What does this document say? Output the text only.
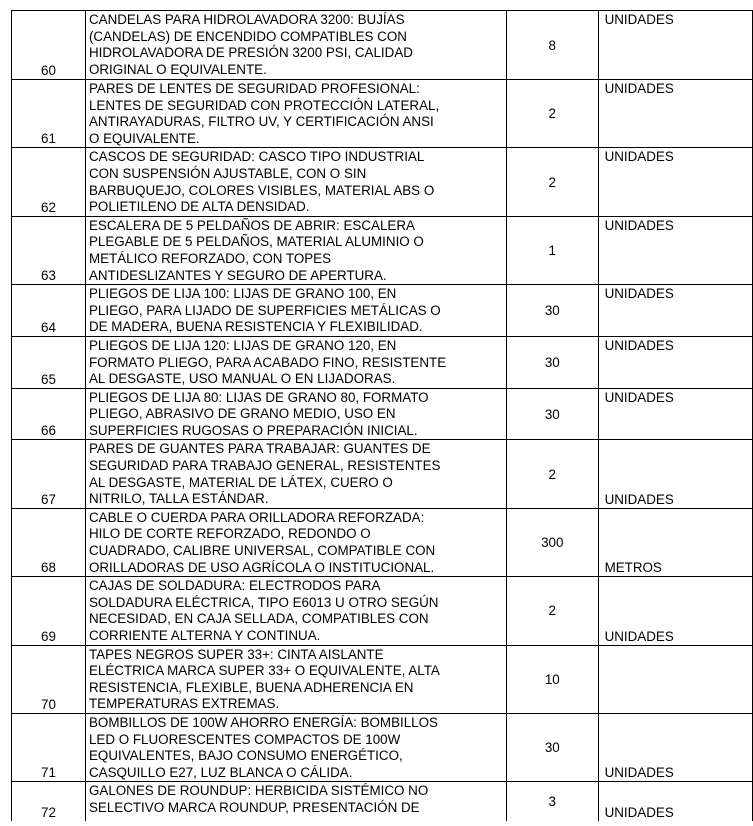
60	CANDELAS PARA HIDROLAVADORA 3200: BUJÍAS
(CANDELAS) DE ENCENDIDO COMPATIBLES CON
HIDROLAVADORA DE PRESIÓN 3200 PSI, CALIDAD
ORIGINAL O EQUIVALENTE.	8	UNIDADES
61	PARES DE LENTES DE SEGURIDAD PROFESIONAL:
LENTES DE SEGURIDAD CON PROTECCIÓN LATERAL,
ANTIRAYADURAS, FILTRO UV, Y CERTIFICACIÓN ANSI
O EQUIVALENTE.	2	UNIDADES
62	CASCOS DE SEGURIDAD: CASCO TIPO INDUSTRIAL
CON SUSPENSIÓN AJUSTABLE, CON O SIN
BARBUQUEJO, COLORES VISIBLES, MATERIAL ABS O
POLIETILENO DE ALTA DENSIDAD.	2	UNIDADES
63	ESCALERA DE 5 PELDAÑOS DE ABRIR: ESCALERA
PLEGABLE DE 5 PELDAÑOS, MATERIAL ALUMINIO O
METÁLICO REFORZADO, CON TOPES
ANTIDESLIZANTES Y SEGURO DE APERTURA.	1	UNIDADES
64	PLIEGOS DE LIJA 100: LIJAS DE GRANO 100, EN
PLIEGO, PARA LIJADO DE SUPERFICIES METÁLICAS O
DE MADERA, BUENA RESISTENCIA Y FLEXIBILIDAD.	30	UNIDADES
65	PLIEGOS DE LIJA 120: LIJAS DE GRANO 120, EN
FORMATO PLIEGO, PARA ACABADO FINO, RESISTENTE
AL DESGASTE, USO MANUAL O EN LIJADORAS.	30	UNIDADES
66	PLIEGOS DE LIJA 80: LIJAS DE GRANO 80, FORMATO
PLIEGO, ABRASIVO DE GRANO MEDIO, USO EN
SUPERFICIES RUGOSAS O PREPARACIÓN INICIAL.	30	UNIDADES
67	PARES DE GUANTES PARA TRABAJAR: GUANTES DE
SEGURIDAD PARA TRABAJO GENERAL, RESISTENTES
AL DESGASTE, MATERIAL DE LÁTEX, CUERO O
NITRILO, TALLA ESTÁNDAR.	2	UNIDADES
68	CABLE O CUERDA PARA ORILLADORA REFORZADA:
HILO DE CORTE REFORZADO, REDONDO O
CUADRADO, CALIBRE UNIVERSAL, COMPATIBLE CON
ORILLADORAS DE USO AGRÍCOLA O INSTITUCIONAL.	300	METROS
69	CAJAS DE SOLDADURA: ELECTRODOS PARA
SOLDADURA ELÉCTRICA, TIPO E6013 U OTRO SEGÚN
NECESIDAD, EN CAJA SELLADA, COMPATIBLES CON
CORRIENTE ALTERNA Y CONTINUA.	2	UNIDADES
70	TAPES NEGROS SUPER 33+: CINTA AISLANTE
ELÉCTRICA MARCA SUPER 33+ O EQUIVALENTE, ALTA
RESISTENCIA, FLEXIBLE, BUENA ADHERENCIA EN
TEMPERATURAS EXTREMAS.	10	
71	BOMBILLOS DE 100W AHORRO ENERGÍA: BOMBILLOS
LED O FLUORESCENTES COMPACTOS DE 100W
EQUIVALENTES, BAJO CONSUMO ENERGÉTICO,
CASQUILLO E27, LUZ BLANCA O CÁLIDA.	30	UNIDADES
72	GALONES DE ROUNDUP: HERBICIDA SISTÉMICO NO
SELECTIVO MARCA ROUNDUP, PRESENTACIÓN DE	3	UNIDADES
